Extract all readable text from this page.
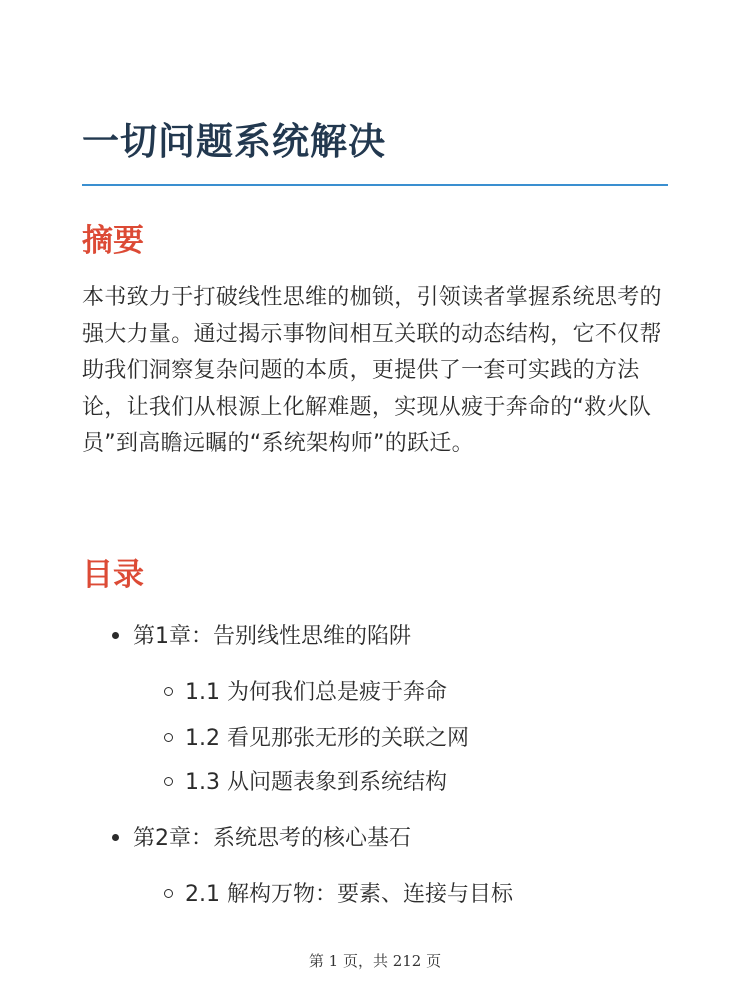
一切问题系统解决
摘要

本书致力于打破线性思维的枷锁，引领读者掌握系统思考的强大力量。通过揭示事物间相互关联的动态结构，它不仅帮助我们洞察复杂问题的本质，更提供了一套可实践的方法论，让我们从根源上化解难题，实现从疲于奔命的“救火队员”到高瞻远瞩的“系统架构师”的跃迁。

目录
第1章：告别线性思维的陷阱
1.1 为何我们总是疲于奔命
1.2 看见那张无形的关联之网
1.3 从问题表象到系统结构
第2章：系统思考的核心基石
2.1 解构万物：要素、连接与目标
第 1 页，共 212 页
